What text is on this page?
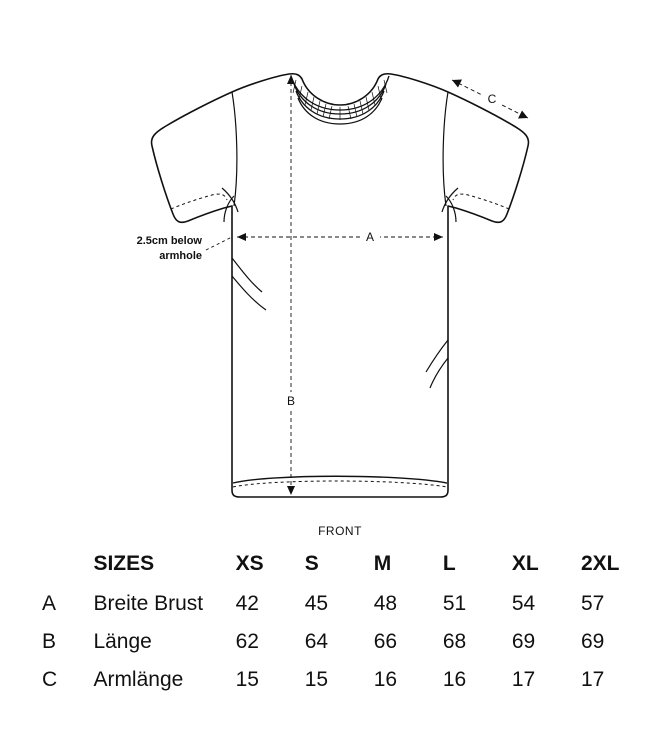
A
B
C
2.5cm below
armhole
FRONT
	SIZES	XS	S	M	L	XL	2XL
A	Breite Brust	42	45	48	51	54	57
B	Länge	62	64	66	68	69	69
C	Armlänge	15	15	16	16	17	17
